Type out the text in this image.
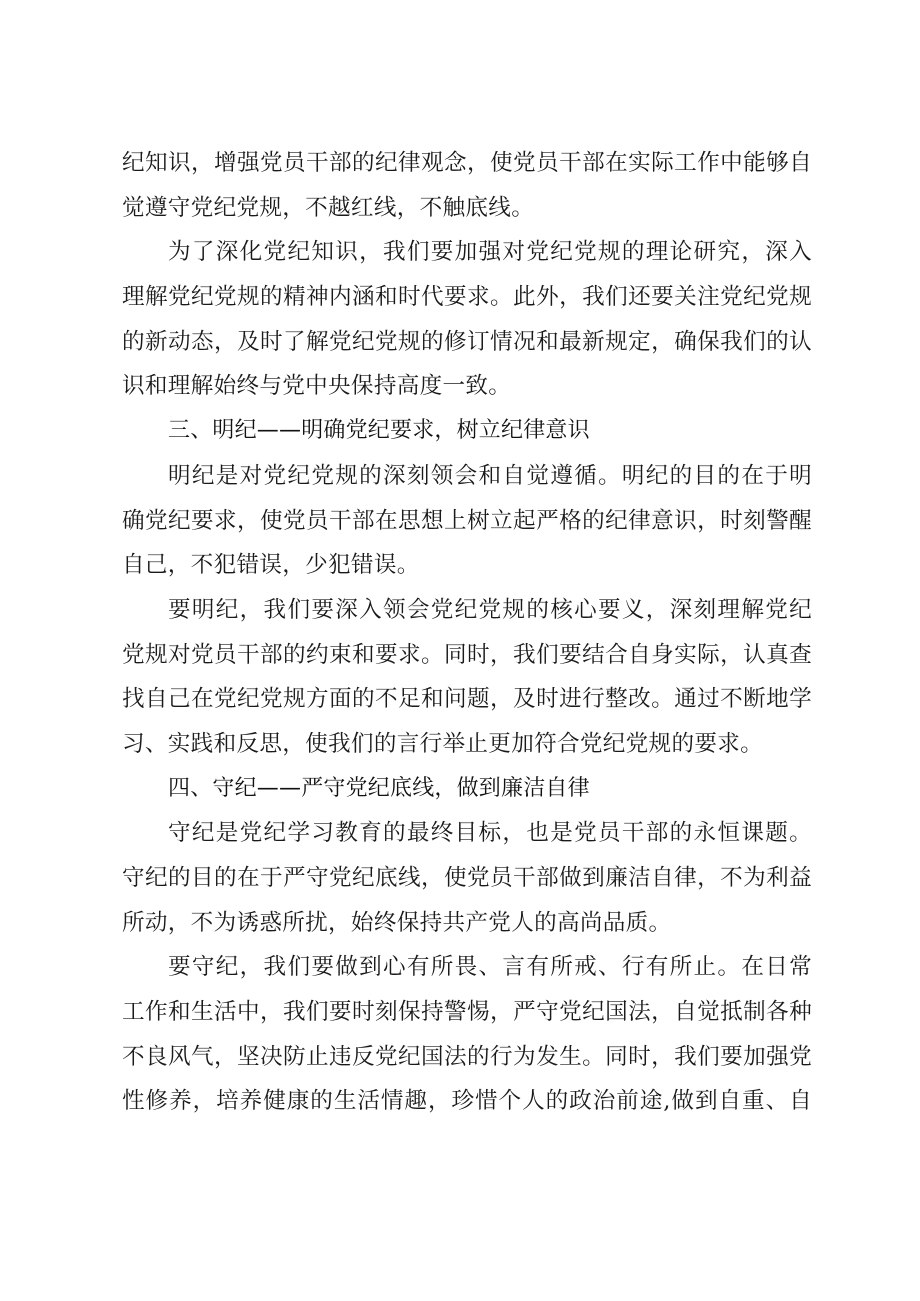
纪知识，增强党员干部的纪律观念，使党员干部在实际工作中能够自
觉遵守党纪党规，不越红线，不触底线。
为了深化党纪知识，我们要加强对党纪党规的理论研究，深入
理解党纪党规的精神内涵和时代要求。此外，我们还要关注党纪党规
的新动态，及时了解党纪党规的修订情况和最新规定，确保我们的认
识和理解始终与党中央保持高度一致。
三、明纪——明确党纪要求，树立纪律意识
明纪是对党纪党规的深刻领会和自觉遵循。明纪的目的在于明
确党纪要求，使党员干部在思想上树立起严格的纪律意识，时刻警醒
自己，不犯错误，少犯错误。
要明纪，我们要深入领会党纪党规的核心要义，深刻理解党纪
党规对党员干部的约束和要求。同时，我们要结合自身实际，认真查
找自己在党纪党规方面的不足和问题，及时进行整改。通过不断地学
习、实践和反思，使我们的言行举止更加符合党纪党规的要求。
四、守纪——严守党纪底线，做到廉洁自律
守纪是党纪学习教育的最终目标，也是党员干部的永恒课题。
守纪的目的在于严守党纪底线，使党员干部做到廉洁自律，不为利益
所动，不为诱惑所扰，始终保持共产党人的高尚品质。
要守纪，我们要做到心有所畏、言有所戒、行有所止。在日常
工作和生活中，我们要时刻保持警惕，严守党纪国法，自觉抵制各种
不良风气，坚决防止违反党纪国法的行为发生。同时，我们要加强党
性修养，培养健康的生活情趣，珍惜个人的政治前途,做到自重、自
